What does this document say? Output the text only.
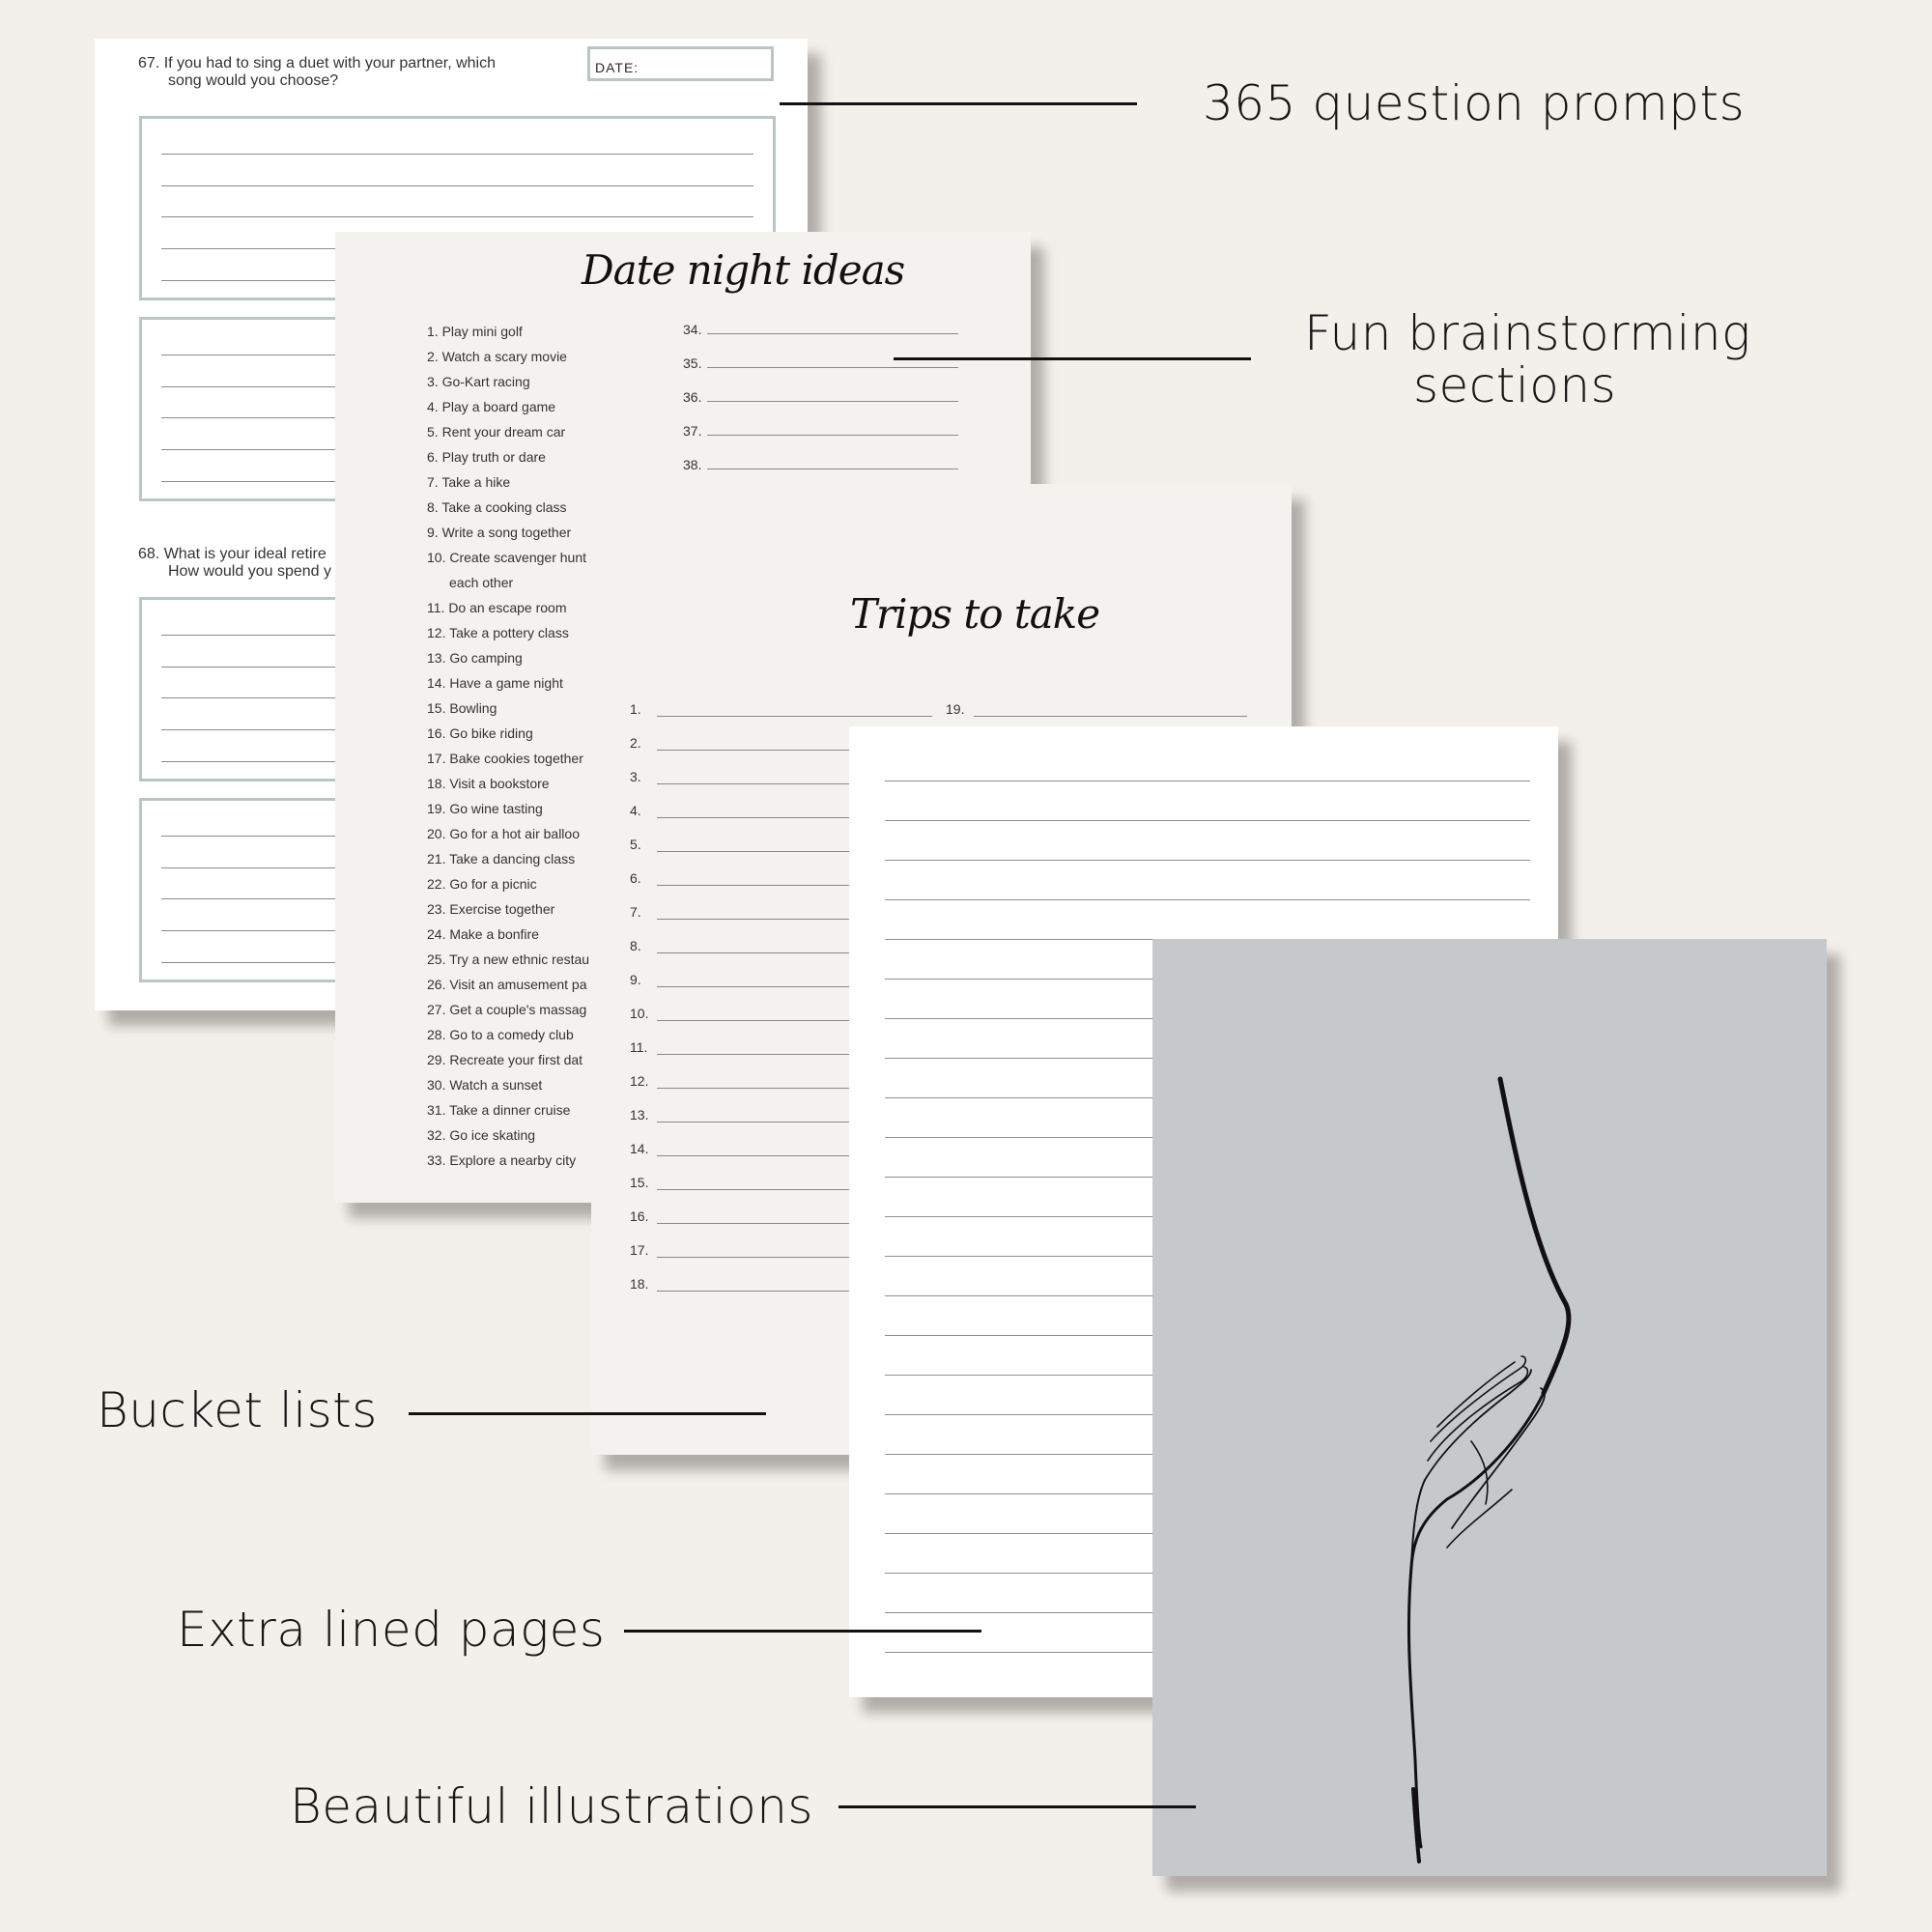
67. If you had to sing a duet with your partner, which
song would you choose?
DATE:
68. What is your ideal retire
How would you spend y
Date night ideas
1. Play mini golf
2. Watch a scary movie
3. Go-Kart racing
4. Play a board game
5. Rent your dream car
6. Play truth or dare
7. Take a hike
8. Take a cooking class
9. Write a song together
10. Create scavenger hunt
each other
11. Do an escape room
12. Take a pottery class
13. Go camping
14. Have a game night
15. Bowling
16. Go bike riding
17. Bake cookies together
18. Visit a bookstore
19. Go wine tasting
20. Go for a hot air balloo
21. Take a dancing class
22. Go for a picnic
23. Exercise together
24. Make a bonfire
25. Try a new ethnic restau
26. Visit an amusement pa
27. Get a couple's massag
28. Go to a comedy club
29. Recreate your first dat
30. Watch a sunset
31. Take a dinner cruise
32. Go ice skating
33. Explore a nearby city
34.
35.
36.
37.
38.
Trips to take
1.
2.
3.
4.
5.
6.
7.
8.
9.
10.
11.
12.
13.
14.
15.
16.
17.
18.
19.
365 question prompts
Fun brainstorming
sections
Bucket lists
Extra lined pages
Beautiful illustrations
